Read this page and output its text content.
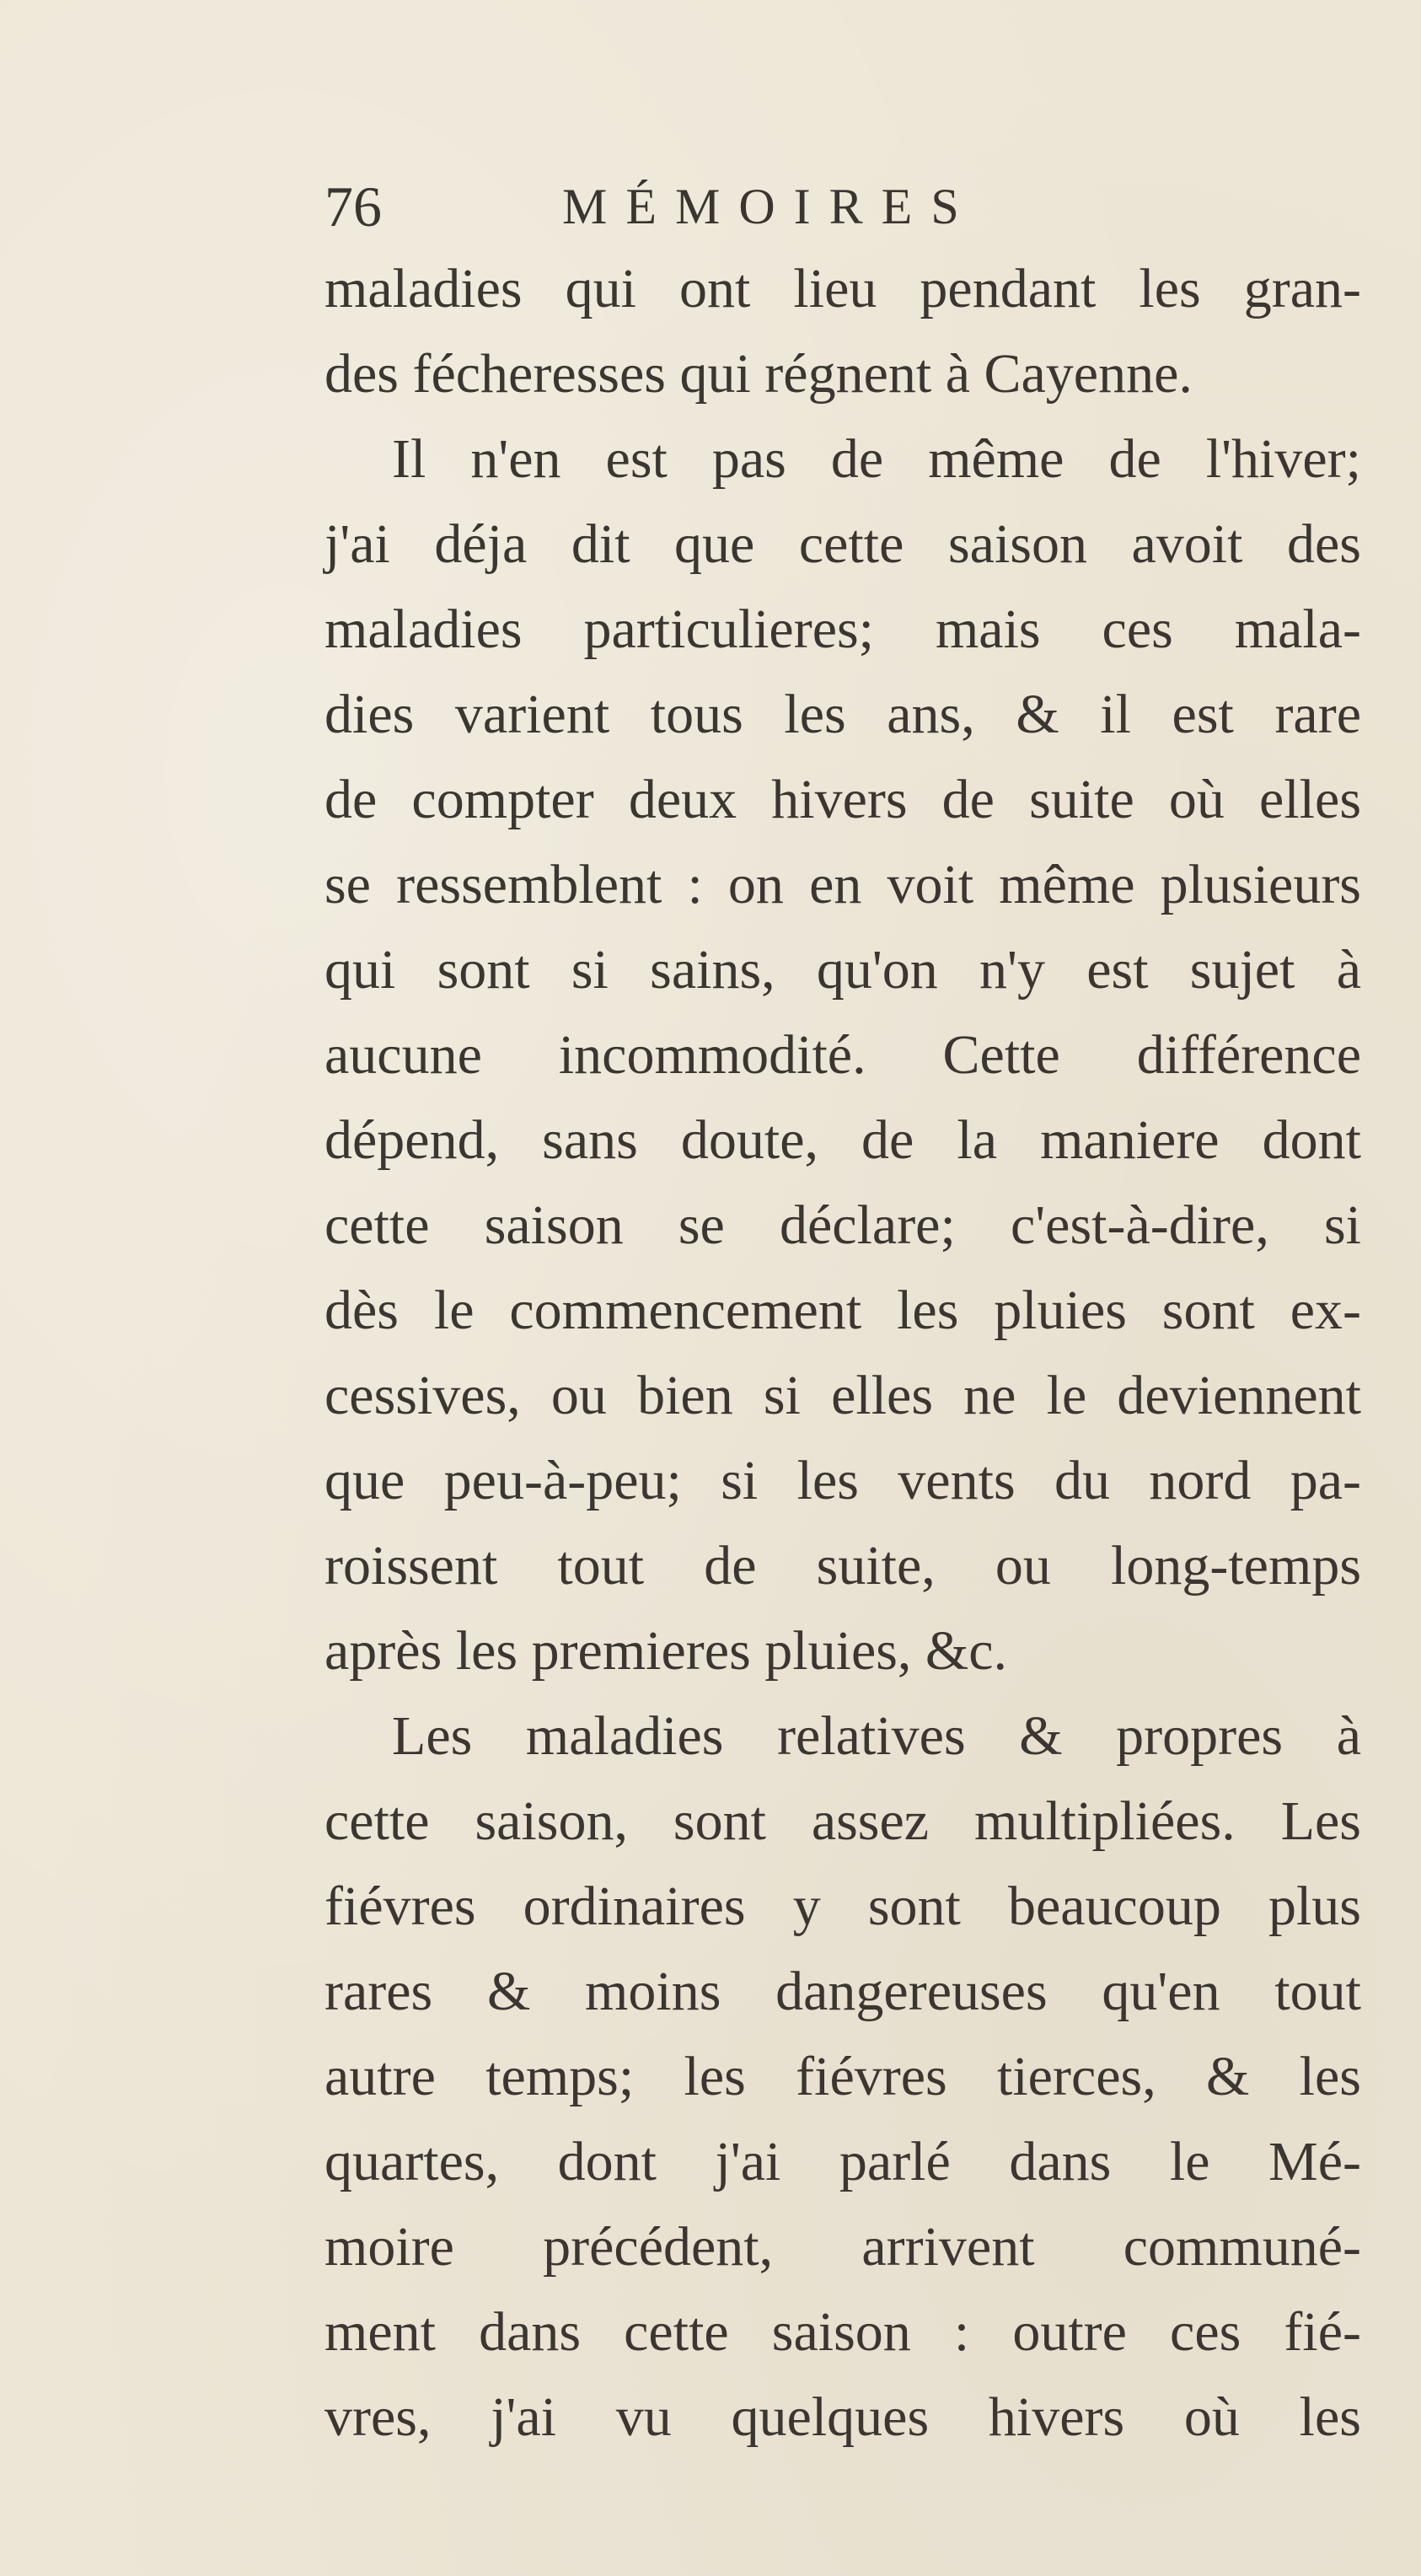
76	MÉMOIRES
maladies qui ont lieu pendant les gran-
des fécheresses qui régnent à Cayenne.
Il n'en est pas de même de l'hiver;
j'ai déja dit que cette saison avoit des
maladies particulieres; mais ces mala-
dies varient tous les ans, & il est rare
de compter deux hivers de suite où elles
se ressemblent : on en voit même plusieurs
qui sont si sains, qu'on n'y est sujet à
aucune incommodité. Cette différence
dépend, sans doute, de la maniere dont
cette saison se déclare; c'est-à-dire, si
dès le commencement les pluies sont ex-
cessives, ou bien si elles ne le deviennent
que peu-à-peu; si les vents du nord pa-
roissent tout de suite, ou long-temps
après les premieres pluies, &c.
Les maladies relatives & propres à
cette saison, sont assez multipliées. Les
fiévres ordinaires y sont beaucoup plus
rares & moins dangereuses qu'en tout
autre temps; les fiévres tierces, & les
quartes, dont j'ai parlé dans le Mé-
moire précédent, arrivent communé-
ment dans cette saison : outre ces fié-
vres, j'ai vu quelques hivers où les
